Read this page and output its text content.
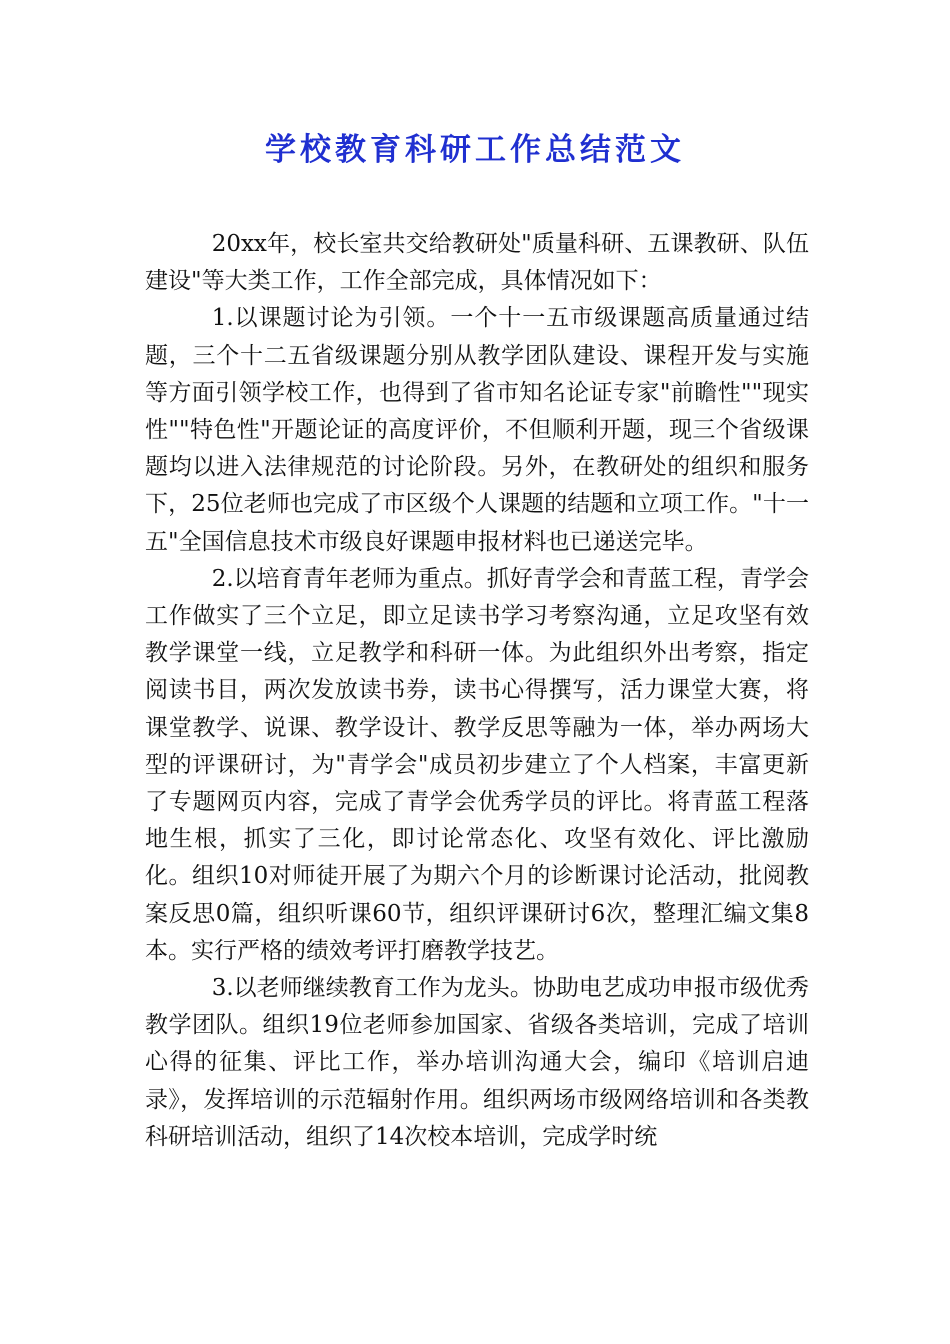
学校教育科研工作总结范文

20xx年，校长室共交给教研处"质量科研、五课教研、队伍建设"等大类工作，工作全部完成，具体情况如下：

1.以课题讨论为引领。一个十一五市级课题高质量通过结题，三个十二五省级课题分别从教学团队建设、课程开发与实施等方面引领学校工作，也得到了省市知名论证专家"前瞻性""现实性""特色性"开题论证的高度评价，不但顺利开题，现三个省级课题均以进入法律规范的讨论阶段。另外，在教研处的组织和服务下，25位老师也完成了市区级个人课题的结题和立项工作。"十一五"全国信息技术市级良好课题申报材料也已递送完毕。

2.以培育青年老师为重点。抓好青学会和青蓝工程，青学会工作做实了三个立足，即立足读书学习考察沟通，立足攻坚有效教学课堂一线，立足教学和科研一体。为此组织外出考察，指定阅读书目，两次发放读书券，读书心得撰写，活力课堂大赛，将课堂教学、说课、教学设计、教学反思等融为一体，举办两场大型的评课研讨，为"青学会"成员初步建立了个人档案，丰富更新了专题网页内容，完成了青学会优秀学员的评比。将青蓝工程落地生根，抓实了三化，即讨论常态化、攻坚有效化、评比激励化。组织10对师徒开展了为期六个月的诊断课讨论活动，批阅教案反思0篇，组织听课60节，组织评课研讨6次，整理汇编文集8本。实行严格的绩效考评打磨教学技艺。

3.以老师继续教育工作为龙头。协助电艺成功申报市级优秀教学团队。组织19位老师参加国家、省级各类培训，完成了培训心得的征集、评比工作，举办培训沟通大会，编印《培训启迪录》，发挥培训的示范辐射作用。组织两场市级网络培训和各类教科研培训活动，组织了14次校本培训，完成学时统
